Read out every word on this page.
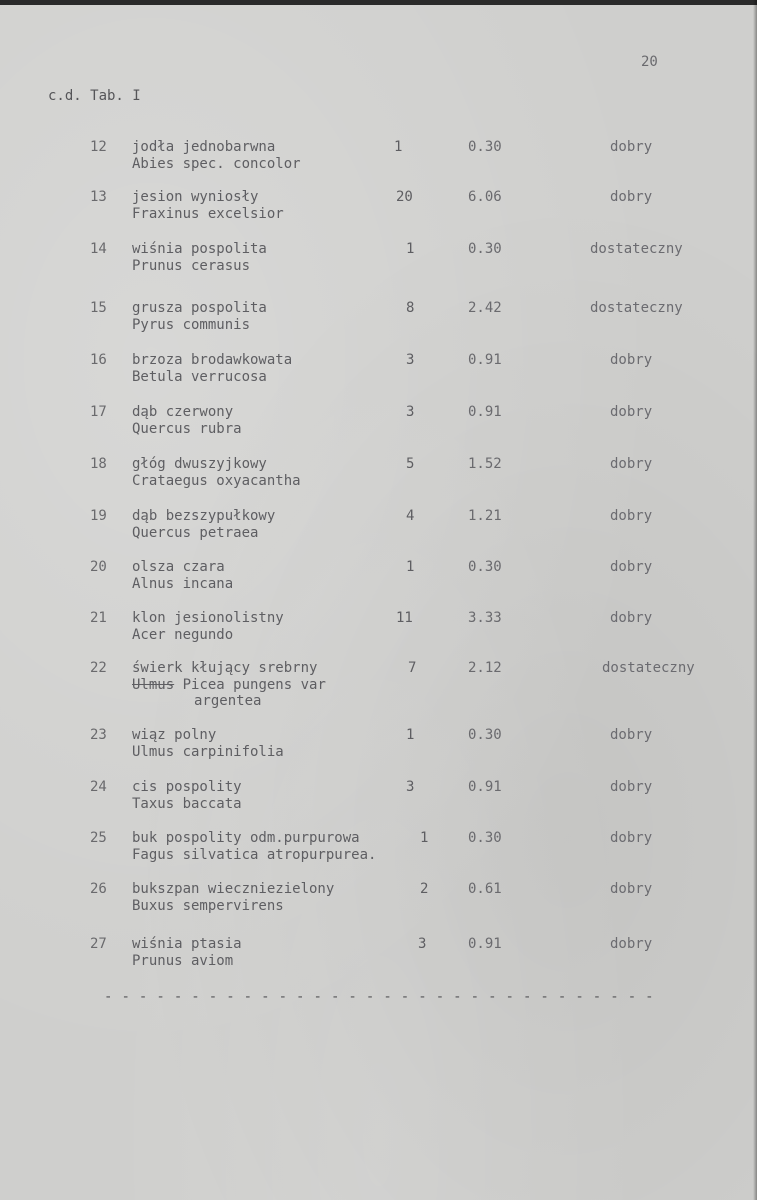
20
c.d. Tab. I
12 jodła jednobarwna
Abies spec. concolor
1	0.30	dobry
13 jesion wyniosły
Fraxinus excelsior
20	6.06	dobry
14 wiśnia pospolita
Prunus cerasus
1	0.30	dostateczny
15 grusza pospolita
Pyrus communis
8	2.42	dostateczny
16 brzoza brodawkowata
Betula verrucosa
3	0.91	dobry
17 dąb czerwony
Quercus rubra
3	0.91	dobry
18 głóg dwuszyjkowy
Crataegus oxyacantha
5	1.52	dobry
19 dąb bezszypułkowy
Quercus petraea
4	1.21	dobry
20 olsza czara
Alnus incana
1	0.30	dobry
21 klon jesionolistny
Acer negundo
11	3.33	dobry
22 świerk kłujący srebrny
Ulmus Picea pungens var
argentea
7	2.12	dostateczny
23 wiąz polny
Ulmus carpinifolia
1	0.30	dobry
24 cis pospolity
Taxus baccata
3	0.91	dobry
25 buk pospolity odm.purpurowa
Fagus silvatica atropurpurea.
1	0.30	dobry
26 bukszpan wieczniezielony
Buxus sempervirens
2	0.61	dobry
27 wiśnia ptasia
Prunus aviom
3	0.91	dobry
- - - - - - - - - - - - - - - - - - - - - - - - - - - - - - - -
